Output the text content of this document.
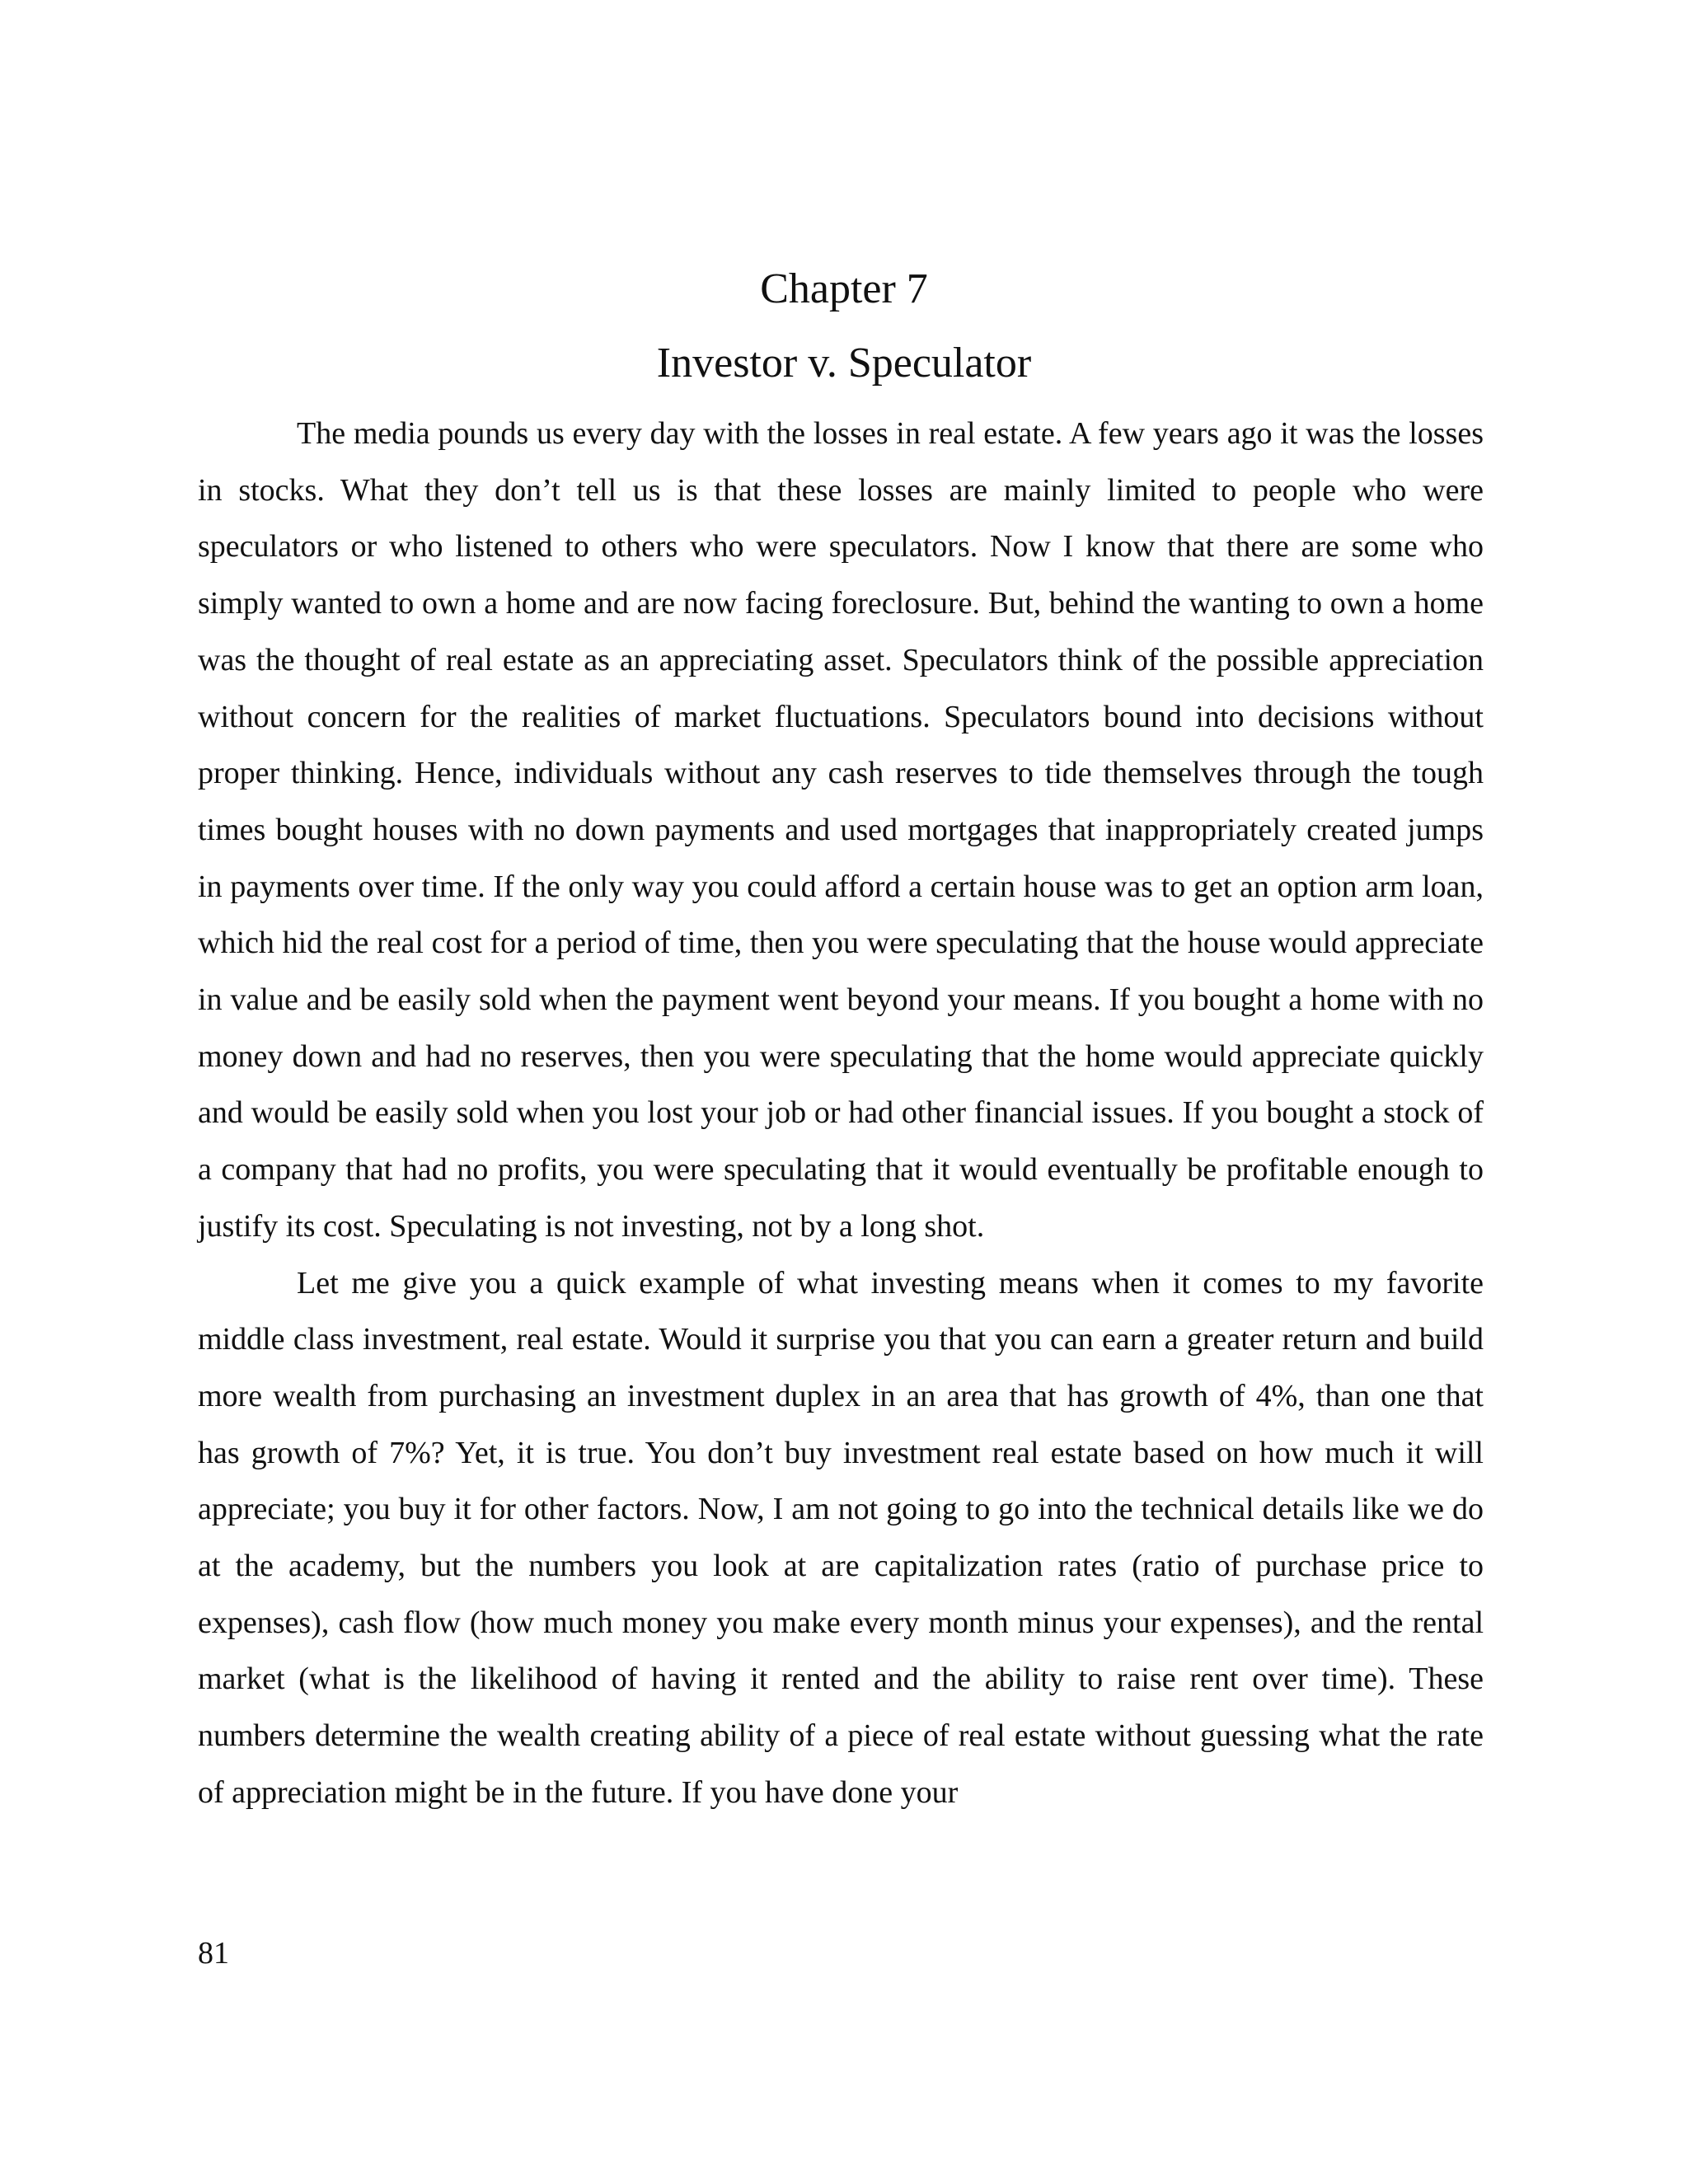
Chapter 7
Investor v. Speculator

The media pounds us every day with the losses in real estate. A few years ago it was the losses in stocks. What they don’t tell us is that these losses are mainly limited to people who were speculators or who listened to others who were speculators. Now I know that there are some who simply wanted to own a home and are now facing foreclosure. But, behind the wanting to own a home was the thought of real estate as an appreciating asset. Speculators think of the possible appreciation without concern for the realities of market fluctuations. Speculators bound into decisions without proper thinking. Hence, individuals without any cash reserves to tide themselves through the tough times bought houses with no down payments and used mortgages that inappropriately created jumps in payments over time. If the only way you could afford a certain house was to get an option arm loan, which hid the real cost for a period of time, then you were speculating that the house would appreciate in value and be easily sold when the payment went beyond your means. If you bought a home with no money down and had no reserves, then you were speculating that the home would appreciate quickly and would be easily sold when you lost your job or had other financial issues. If you bought a stock of a company that had no profits, you were speculating that it would eventually be profitable enough to justify its cost. Speculating is not investing, not by a long shot.

Let me give you a quick example of what investing means when it comes to my favorite middle class investment, real estate. Would it surprise you that you can earn a greater return and build more wealth from purchasing an investment duplex in an area that has growth of 4%, than one that has growth of 7%? Yet, it is true. You don’t buy investment real estate based on how much it will appreciate; you buy it for other factors. Now, I am not going to go into the technical details like we do at the academy, but the numbers you look at are capitalization rates (ratio of purchase price to expenses), cash flow (how much money you make every month minus your expenses), and the rental market (what is the likelihood of having it rented and the ability to raise rent over time). These numbers determine the wealth creating ability of a piece of real estate without guessing what the rate of appreciation might be in the future. If you have done your

81
